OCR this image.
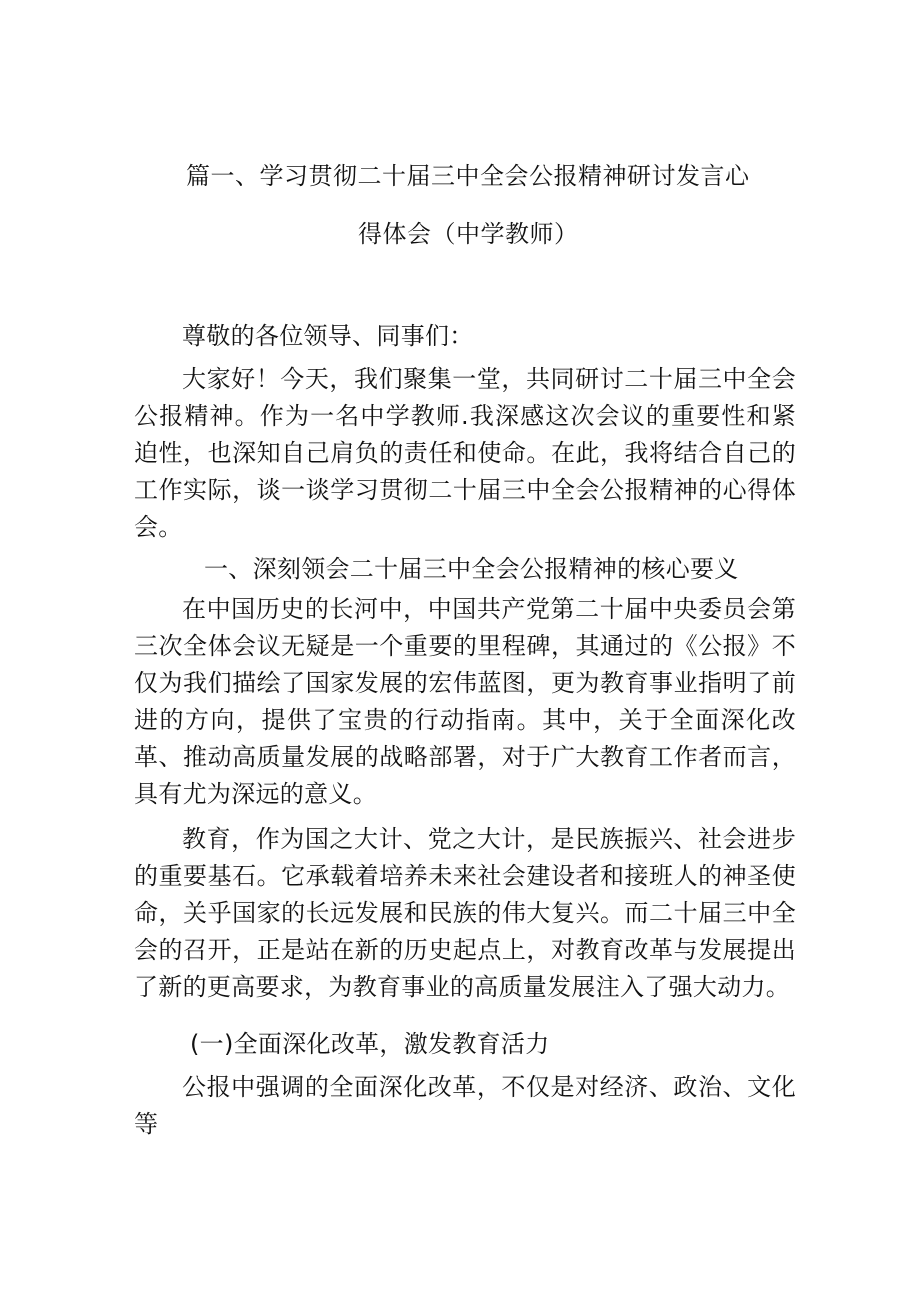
篇一、学习贯彻二十届三中全会公报精神研讨发言心
得体会（中学教师）

尊敬的各位领导、同事们：

大家好！今天，我们聚集一堂，共同研讨二十届三中全会公报精神。作为一名中学教师.我深感这次会议的重要性和紧迫性，也深知自己肩负的责任和使命。在此，我将结合自己的工作实际，谈一谈学习贯彻二十届三中全会公报精神的心得体会。

一、深刻领会二十届三中全会公报精神的核心要义

在中国历史的长河中，中国共产党第二十届中央委员会第三次全体会议无疑是一个重要的里程碑，其通过的《公报》不仅为我们描绘了国家发展的宏伟蓝图，更为教育事业指明了前进的方向，提供了宝贵的行动指南。其中，关于全面深化改革、推动高质量发展的战略部署，对于广大教育工作者而言，具有尤为深远的意义。

教育，作为国之大计、党之大计，是民族振兴、社会进步的重要基石。它承载着培养未来社会建设者和接班人的神圣使命，关乎国家的长远发展和民族的伟大复兴。而二十届三中全会的召开，正是站在新的历史起点上，对教育改革与发展提出了新的更高要求，为教育事业的高质量发展注入了强大动力。

(一)全面深化改革，激发教育活力

公报中强调的全面深化改革，不仅是对经济、政治、文化等
